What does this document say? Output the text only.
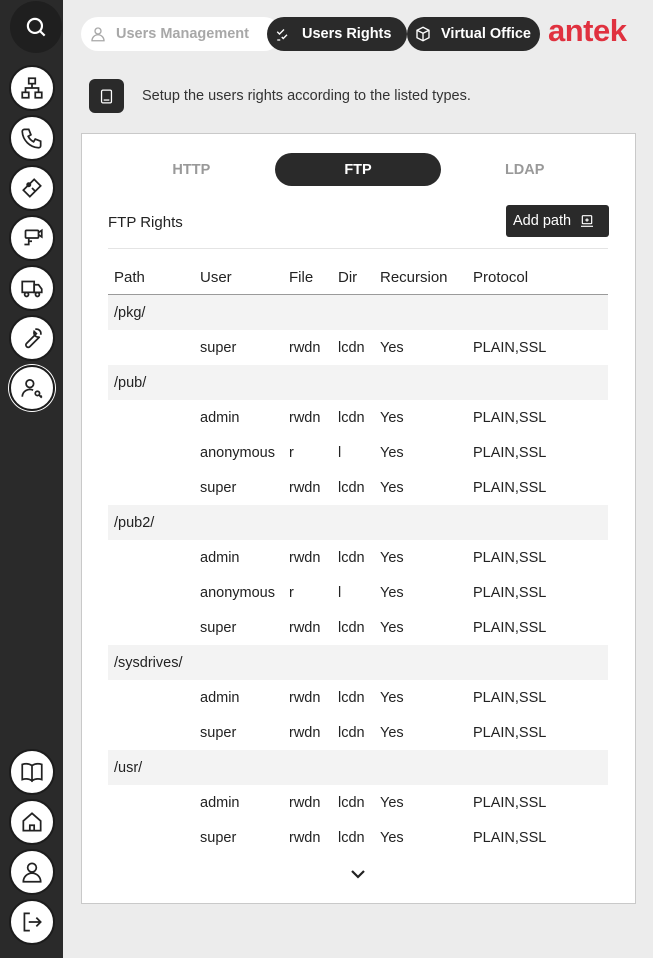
Users Management	Users Rights	Virtual Office antek
Setup the users rights according to the listed types.
HTTP	FTP	LDAP
FTP Rights	Add path
Path	User	File	Dir	Recursion	Protocol
/pkg/
super	rwdn	lcdn	Yes	PLAIN,SSL
/pub/
admin	rwdn	lcdn	Yes	PLAIN,SSL
anonymous r	l	Yes	PLAIN,SSL
super	rwdn	lcdn	Yes	PLAIN,SSL
/pub2/
admin	rwdn	lcdn	Yes	PLAIN,SSL
anonymous r	l	Yes	PLAIN,SSL
super	rwdn	lcdn	Yes	PLAIN,SSL
/sysdrives/
admin	rwdn	lcdn	Yes	PLAIN,SSL
super	rwdn	lcdn	Yes	PLAIN,SSL
/usr/
admin	rwdn	lcdn	Yes	PLAIN,SSL
super	rwdn	lcdn	Yes	PLAIN,SSL
